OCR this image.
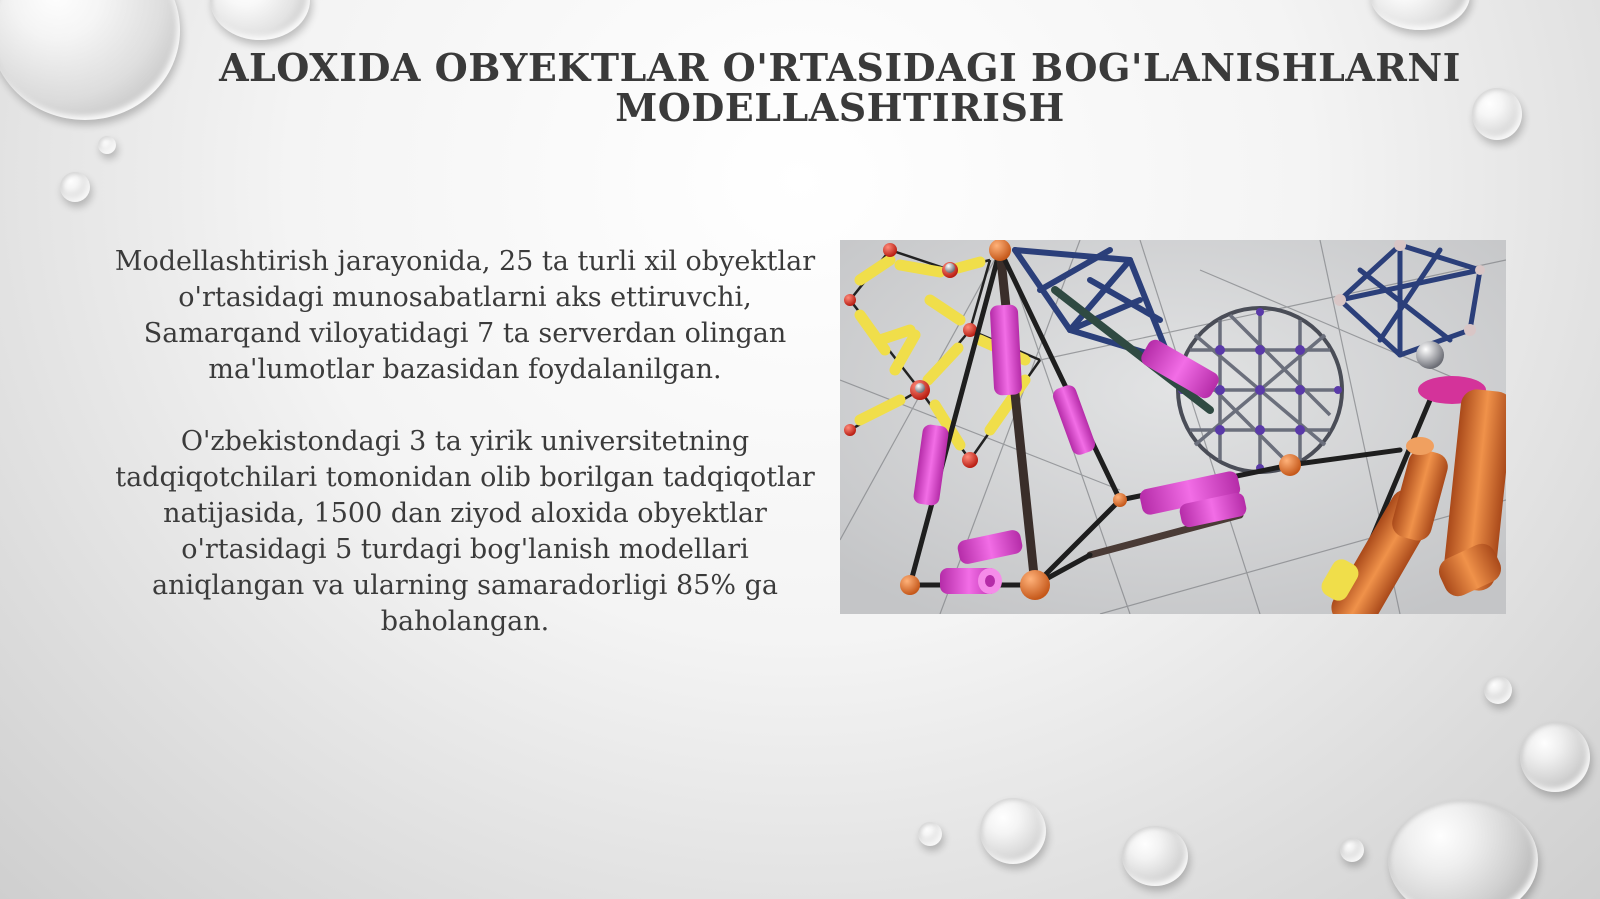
ALOXIDA OBYEKTLAR O'RTASIDAGI BOG'LANISHLARNI
MODELLASHTIRISH

Modellashtirish jarayonida, 25 ta turli xil obyektlar o'rtasidagi munosabatlarni aks ettiruvchi, Samarqand viloyatidagi 7 ta serverdan olingan ma'lumotlar bazasidan foydalanilgan.

O'zbekistondagi 3 ta yirik universitetning tadqiqotchilari tomonidan olib borilgan tadqiqotlar natijasida, 1500 dan ziyod aloxida obyektlar o'rtasidagi 5 turdagi bog'lanish modellari aniqlangan va ularning samaradorligi 85% ga baholangan.
